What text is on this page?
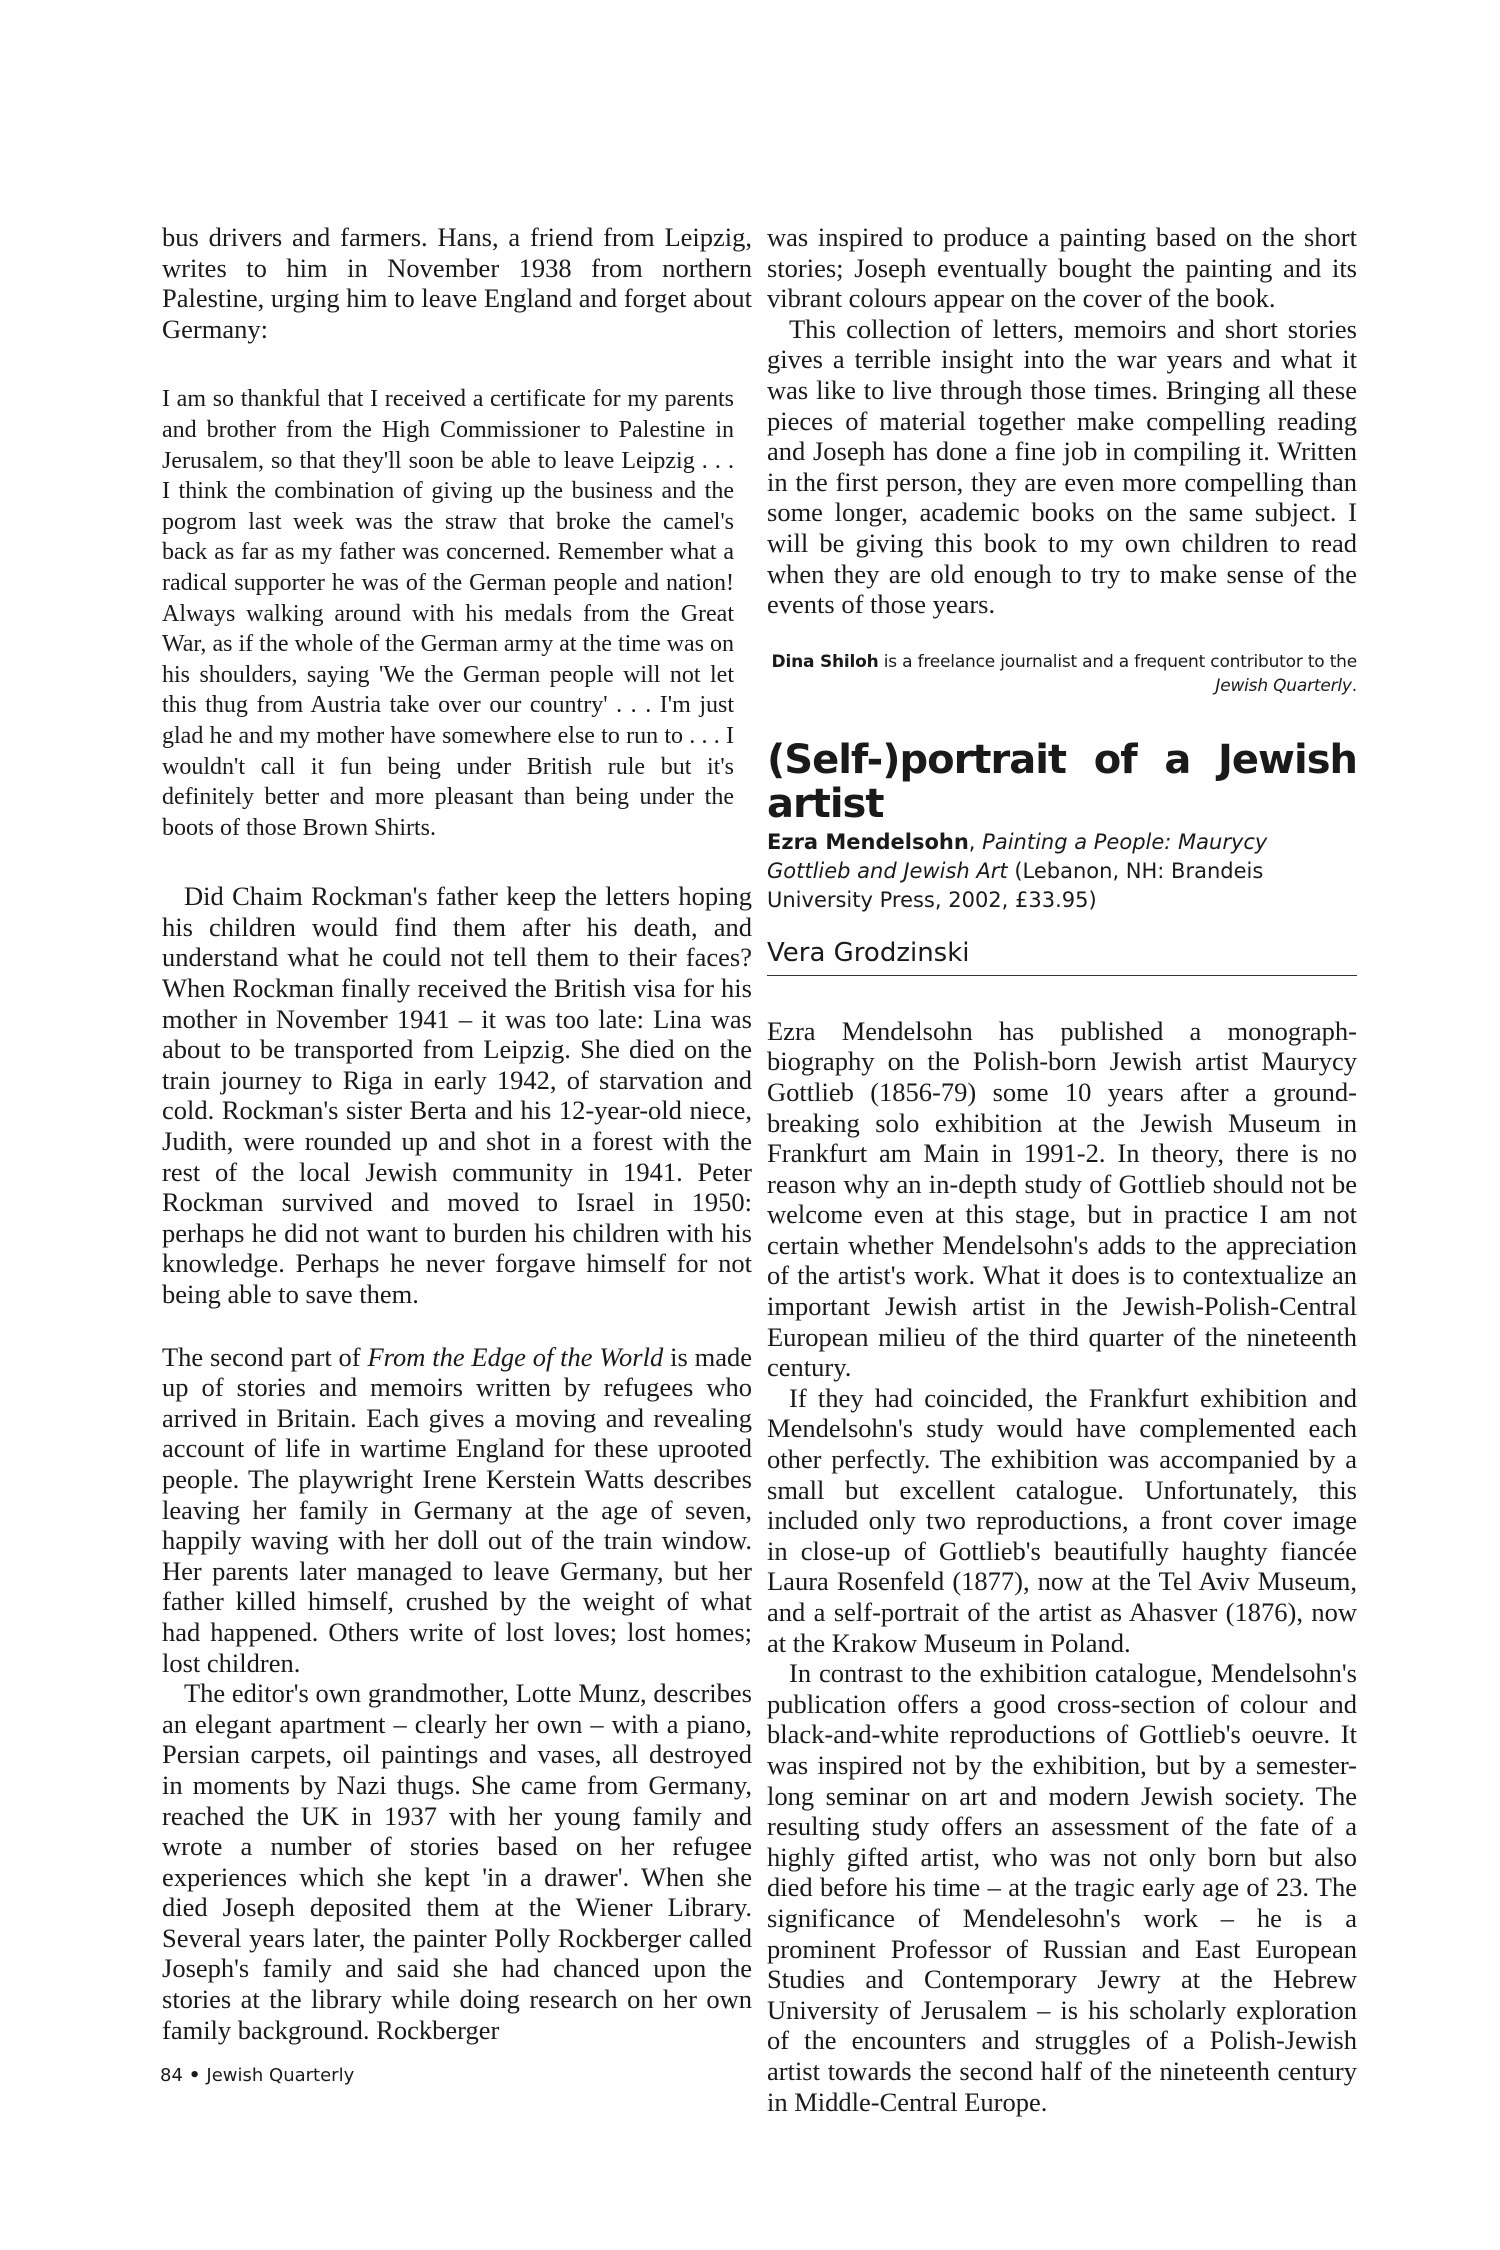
bus drivers and farmers. Hans, a friend from Leipzig, writes to him in November 1938 from northern Palestine, urging him to leave England and forget about Germany:

I am so thankful that I received a certificate for my parents and brother from the High Commissioner to Palestine in Jerusalem, so that they'll soon be able to leave Leipzig . . . I think the combination of giving up the business and the pogrom last week was the straw that broke the camel's back as far as my father was concerned. Remember what a radical supporter he was of the German people and nation! Always walking around with his medals from the Great War, as if the whole of the German army at the time was on his shoulders, saying 'We the German people will not let this thug from Austria take over our country' . . . I'm just glad he and my mother have somewhere else to run to . . . I wouldn't call it fun being under British rule but it's definitely better and more pleasant than being under the boots of those Brown Shirts.

Did Chaim Rockman's father keep the letters hoping his children would find them after his death, and understand what he could not tell them to their faces? When Rockman finally received the British visa for his mother in November 1941 – it was too late: Lina was about to be transported from Leipzig. She died on the train journey to Riga in early 1942, of starvation and cold. Rockman's sister Berta and his 12-year-old niece, Judith, were rounded up and shot in a forest with the rest of the local Jewish community in 1941. Peter Rockman survived and moved to Israel in 1950: perhaps he did not want to burden his children with his knowledge. Perhaps he never forgave himself for not being able to save them.

The second part of From the Edge of the World is made up of stories and memoirs written by refugees who arrived in Britain. Each gives a moving and revealing account of life in wartime England for these uprooted people. The playwright Irene Kerstein Watts describes leaving her family in Germany at the age of seven, happily waving with her doll out of the train window. Her parents later managed to leave Germany, but her father killed himself, crushed by the weight of what had happened. Others write of lost loves; lost homes; lost children.

The editor's own grandmother, Lotte Munz, describes an elegant apartment – clearly her own – with a piano, Persian carpets, oil paintings and vases, all destroyed in moments by Nazi thugs. She came from Germany, reached the UK in 1937 with her young family and wrote a number of stories based on her refugee experiences which she kept 'in a drawer'. When she died Joseph deposited them at the Wiener Library. Several years later, the painter Polly Rockberger called Joseph's family and said she had chanced upon the stories at the library while doing research on her own family background. Rockberger

was inspired to produce a painting based on the short stories; Joseph eventually bought the painting and its vibrant colours appear on the cover of the book.

This collection of letters, memoirs and short stories gives a terrible insight into the war years and what it was like to live through those times. Bringing all these pieces of material together make compelling reading and Joseph has done a fine job in compiling it. Written in the first person, they are even more compelling than some longer, academic books on the same subject. I will be giving this book to my own children to read when they are old enough to try to make sense of the events of those years.

Dina Shiloh is a freelance journalist and a frequent contributor to the Jewish Quarterly.
(Self-)portrait of a Jewish artist
Ezra Mendelsohn, Painting a People: Maurycy Gottlieb and Jewish Art (Lebanon, NH: Brandeis University Press, 2002, £33.95)
Vera Grodzinski

Ezra Mendelsohn has published a monograph-biography on the Polish-born Jewish artist Maurycy Gottlieb (1856-79) some 10 years after a ground-breaking solo exhibition at the Jewish Museum in Frankfurt am Main in 1991-2. In theory, there is no reason why an in-depth study of Gottlieb should not be welcome even at this stage, but in practice I am not certain whether Mendelsohn's adds to the appreciation of the artist's work. What it does is to contextualize an important Jewish artist in the Jewish-Polish-Central European milieu of the third quarter of the nineteenth century.

If they had coincided, the Frankfurt exhibition and Mendelsohn's study would have complemented each other perfectly. The exhibition was accompanied by a small but excellent catalogue. Unfortunately, this included only two reproductions, a front cover image in close-up of Gottlieb's beautifully haughty fiancée Laura Rosenfeld (1877), now at the Tel Aviv Museum, and a self-portrait of the artist as Ahasver (1876), now at the Krakow Museum in Poland.

In contrast to the exhibition catalogue, Mendelsohn's publication offers a good cross-section of colour and black-and-white reproductions of Gottlieb's oeuvre. It was inspired not by the exhibition, but by a semester-long seminar on art and modern Jewish society. The resulting study offers an assessment of the fate of a highly gifted artist, who was not only born but also died before his time – at the tragic early age of 23. The significance of Mendelesohn's work – he is a prominent Professor of Russian and East European Studies and Contemporary Jewry at the Hebrew University of Jerusalem – is his scholarly exploration of the encounters and struggles of a Polish-Jewish artist towards the second half of the nineteenth century in Middle-Central Europe.

84 • Jewish Quarterly
